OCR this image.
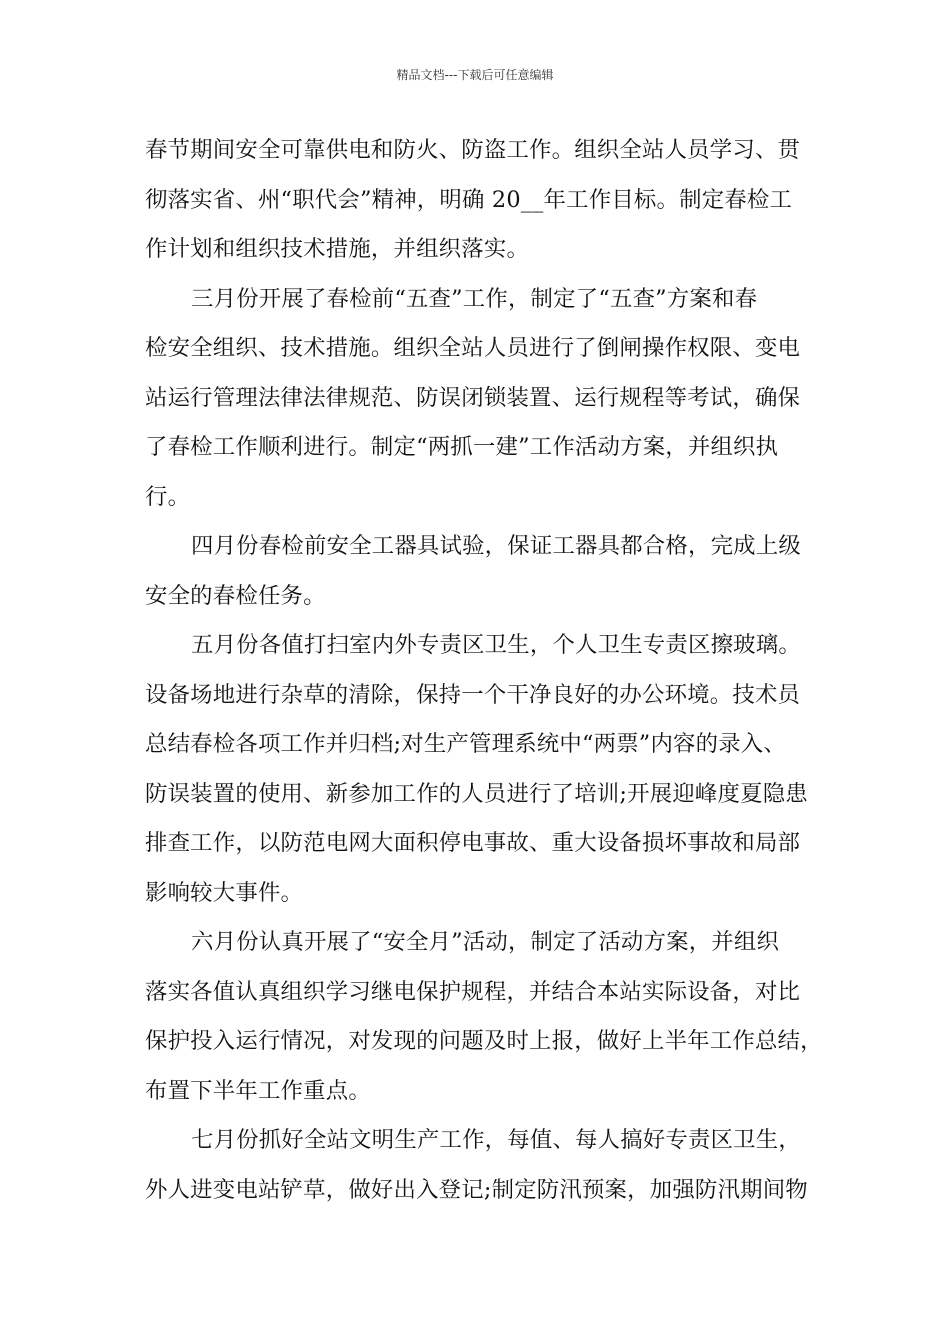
精品文档---下载后可任意编辑
春节期间安全可靠供电和防火、防盗工作。组织全站人员学习、贯
彻落实省、州“职代会”精神，明确 20__年工作目标。制定春检工
作计划和组织技术措施，并组织落实。
三月份开展了春检前“五查”工作，制定了“五查”方案和春
检安全组织、技术措施。组织全站人员进行了倒闸操作权限、变电
站运行管理法律法律规范、防误闭锁装置、运行规程等考试，确保
了春检工作顺利进行。制定“两抓一建”工作活动方案，并组织执
行。
四月份春检前安全工器具试验，保证工器具都合格，完成上级
安全的春检任务。
五月份各值打扫室内外专责区卫生，个人卫生专责区擦玻璃。
设备场地进行杂草的清除，保持一个干净良好的办公环境。技术员
总结春检各项工作并归档;对生产管理系统中“两票”内容的录入、
防误装置的使用、新参加工作的人员进行了培训;开展迎峰度夏隐患
排查工作，以防范电网大面积停电事故、重大设备损坏事故和局部
影响较大事件。
六月份认真开展了“安全月”活动，制定了活动方案，并组织
落实各值认真组织学习继电保护规程，并结合本站实际设备，对比
保护投入运行情况，对发现的问题及时上报，做好上半年工作总结，
布置下半年工作重点。
七月份抓好全站文明生产工作，每值、每人搞好专责区卫生，
外人进变电站铲草，做好出入登记;制定防汛预案，加强防汛期间物
